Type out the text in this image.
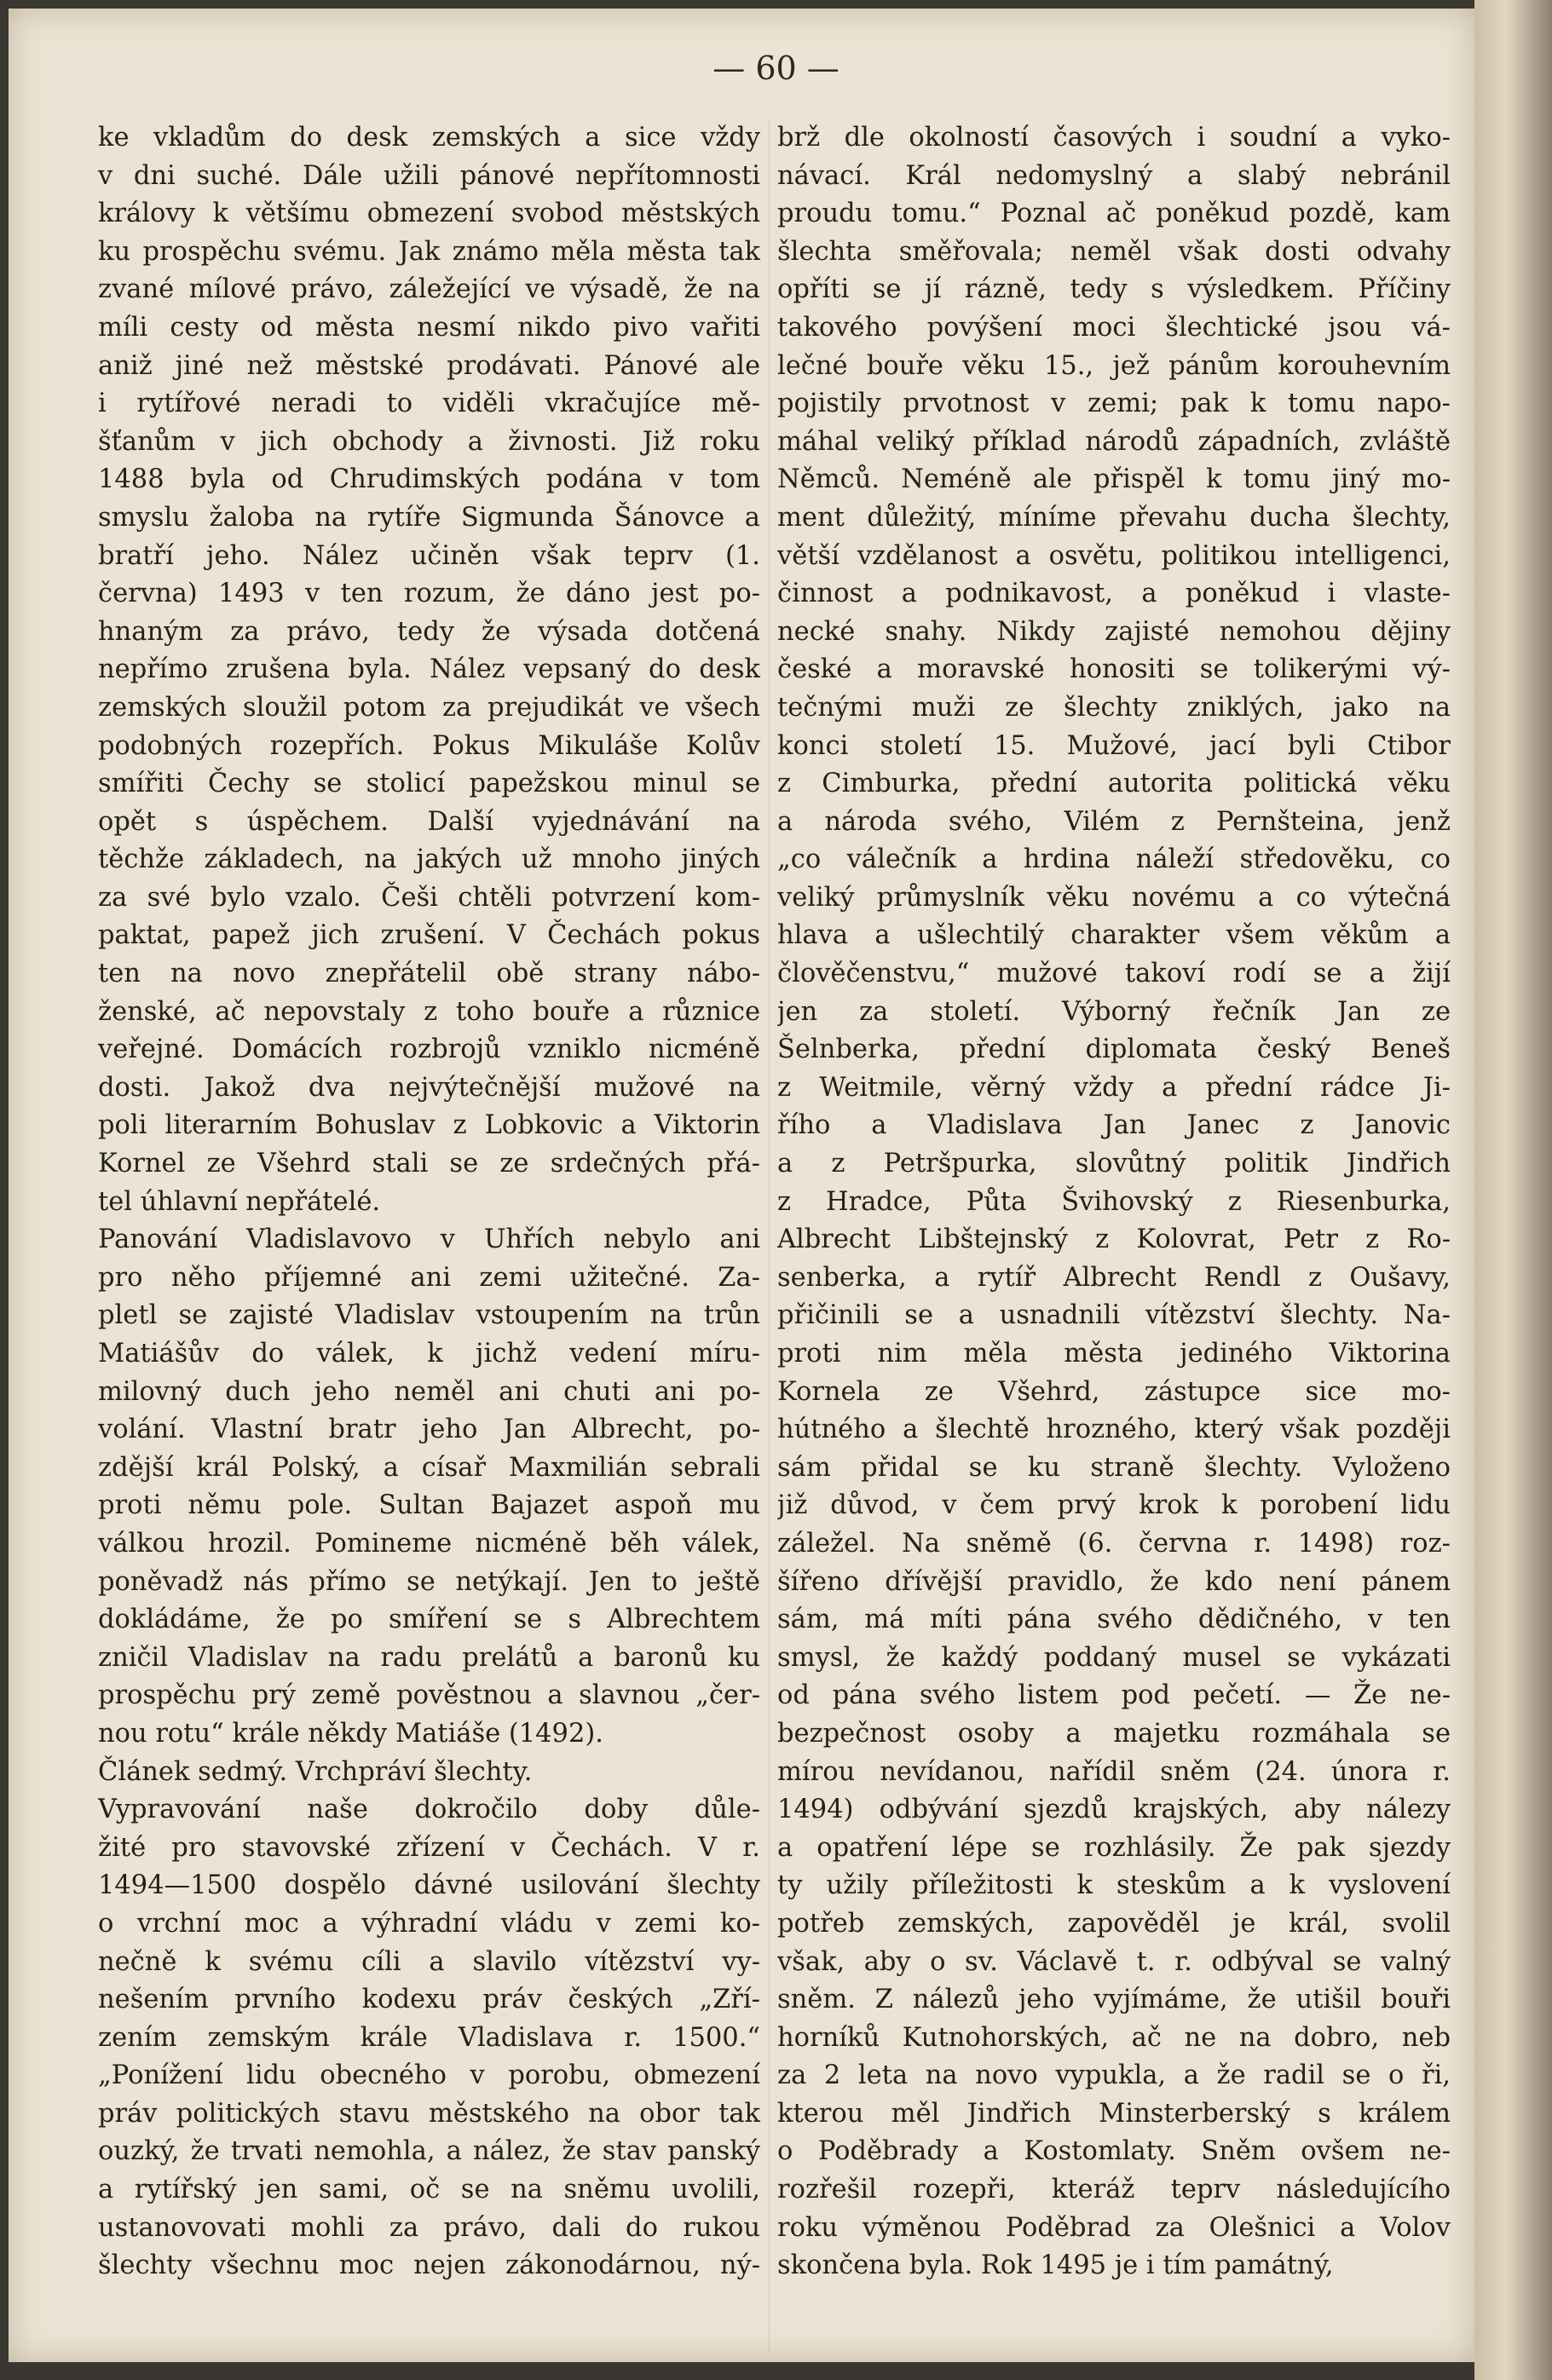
— 60 —
ke vkladům do desk zemských a sice vždy
v dni suché. Dále užili pánové nepřítomnosti
královy k většímu obmezení svobod městských
ku prospěchu svému. Jak známo měla města tak
zvané mílové právo, záležející ve výsadě, že na
míli cesty od města nesmí nikdo pivo vařiti
aniž jiné než městské prodávati. Pánové ale
i rytířové neradi to viděli vkračujíce mě-
šťanům v jich obchody a živnosti. Již roku
1488 byla od Chrudimských podána v tom
smyslu žaloba na rytíře Sigmunda Šánovce a
bratří jeho. Nález učiněn však teprv (1.
června) 1493 v ten rozum, že dáno jest po-
hnaným za právo, tedy že výsada dotčená
nepřímo zrušena byla. Nález vepsaný do desk
zemských sloužil potom za prejudikát ve všech
podobných rozepřích. Pokus Mikuláše Kolův
smířiti Čechy se stolicí papežskou minul se
opět s úspěchem. Další vyjednávání na
těchže základech, na jakých už mnoho jiných
za své bylo vzalo. Češi chtěli potvrzení kom-
paktat, papež jich zrušení. V Čechách pokus
ten na novo znepřátelil obě strany nábo-
ženské, ač nepovstaly z toho bouře a různice
veřejné. Domácích rozbrojů vzniklo nicméně
dosti. Jakož dva nejvýtečnější mužové na
poli literarním Bohuslav z Lobkovic a Viktorin
Kornel ze Všehrd stali se ze srdečných přá-
tel úhlavní nepřátelé.
Panování Vladislavovo v Uhřích nebylo ani
pro něho příjemné ani zemi užitečné. Za-
pletl se zajisté Vladislav vstoupením na trůn
Matiášův do válek, k jichž vedení míru-
milovný duch jeho neměl ani chuti ani po-
volání. Vlastní bratr jeho Jan Albrecht, po-
zdější král Polský, a císař Maxmilián sebrali
proti němu pole. Sultan Bajazet aspoň mu
válkou hrozil. Pomineme nicméně běh válek,
poněvadž nás přímo se netýkají. Jen to ještě
dokládáme, že po smíření se s Albrechtem
zničil Vladislav na radu prelátů a baronů ku
prospěchu prý země pověstnou a slavnou „čer-
nou rotu“ krále někdy Matiáše (1492).
Článek sedmý. Vrchpráví šlechty.
Vypravování naše dokročilo doby důle-
žité pro stavovské zřízení v Čechách. V r.
1494—1500 dospělo dávné usilování šlechty
o vrchní moc a výhradní vládu v zemi ko-
nečně k svému cíli a slavilo vítězství vy-
nešením prvního kodexu práv českých „Zří-
zením zemským krále Vladislava r. 1500.“
„Ponížení lidu obecného v porobu, obmezení
práv politických stavu městského na obor tak
ouzký, že trvati nemohla, a nález, že stav panský
a rytířský jen sami, oč se na sněmu uvolili,
ustanovovati mohli za právo, dali do rukou
šlechty všechnu moc nejen zákonodárnou, ný-
brž dle okolností časových i soudní a vyko-
návací. Král nedomyslný a slabý nebránil
proudu tomu.“ Poznal ač poněkud pozdě, kam
šlechta směřovala; neměl však dosti odvahy
opříti se jí rázně, tedy s výsledkem. Příčiny
takového povýšení moci šlechtické jsou vá-
lečné bouře věku 15., jež pánům korouhevním
pojistily prvotnost v zemi; pak k tomu napo-
máhal veliký příklad národů západních, zvláště
Němců. Neméně ale přispěl k tomu jiný mo-
ment důležitý, míníme převahu ducha šlechty,
větší vzdělanost a osvětu, politikou intelligenci,
činnost a podnikavost, a poněkud i vlaste-
necké snahy. Nikdy zajisté nemohou dějiny
české a moravské honositi se tolikerými vý-
tečnými muži ze šlechty zniklých, jako na
konci století 15. Mužové, jací byli Ctibor
z Cimburka, přední autorita politická věku
a národa svého, Vilém z Pernšteina, jenž
„co válečník a hrdina náleží středověku, co
veliký průmyslník věku novému a co výtečná
hlava a ušlechtilý charakter všem věkům a
člověčenstvu,“ mužové takoví rodí se a žijí
jen za století. Výborný řečník Jan ze
Šelnberka, přední diplomata český Beneš
z Weitmile, věrný vždy a přední rádce Ji-
řího a Vladislava Jan Janec z Janovic
a z Petršpurka, slovůtný politik Jindřich
z Hradce, Půta Švihovský z Riesenburka,
Albrecht Libštejnský z Kolovrat, Petr z Ro-
senberka, a rytíř Albrecht Rendl z Oušavy,
přičinili se a usnadnili vítězství šlechty. Na-
proti nim měla města jediného Viktorina
Kornela ze Všehrd, zástupce sice mo-
hútného a šlechtě hrozného, který však později
sám přidal se ku straně šlechty. Vyloženo
již důvod, v čem prvý krok k porobení lidu
záležel. Na sněmě (6. června r. 1498) roz-
šířeno dřívější pravidlo, že kdo není pánem
sám, má míti pána svého dědičného, v ten
smysl, že každý poddaný musel se vykázati
od pána svého listem pod pečetí. — Že ne-
bezpečnost osoby a majetku rozmáhala se
mírou nevídanou, nařídil sněm (24. února r.
1494) odbývání sjezdů krajských, aby nálezy
a opatření lépe se rozhlásily. Že pak sjezdy
ty užily příležitosti k steskům a k vyslovení
potřeb zemských, zapověděl je král, svolil
však, aby o sv. Václavě t. r. odbýval se valný
sněm. Z nálezů jeho vyjímáme, že utišil bouři
horníků Kutnohorských, ač ne na dobro, neb
za 2 leta na novo vypukla, a že radil se o ři,
kterou měl Jindřich Minsterberský s králem
o Poděbrady a Kostomlaty. Sněm ovšem ne-
rozřešil rozepři, kteráž teprv následujícího
roku výměnou Poděbrad za Olešnici a Volov
skončena byla. Rok 1495 je i tím památný,
